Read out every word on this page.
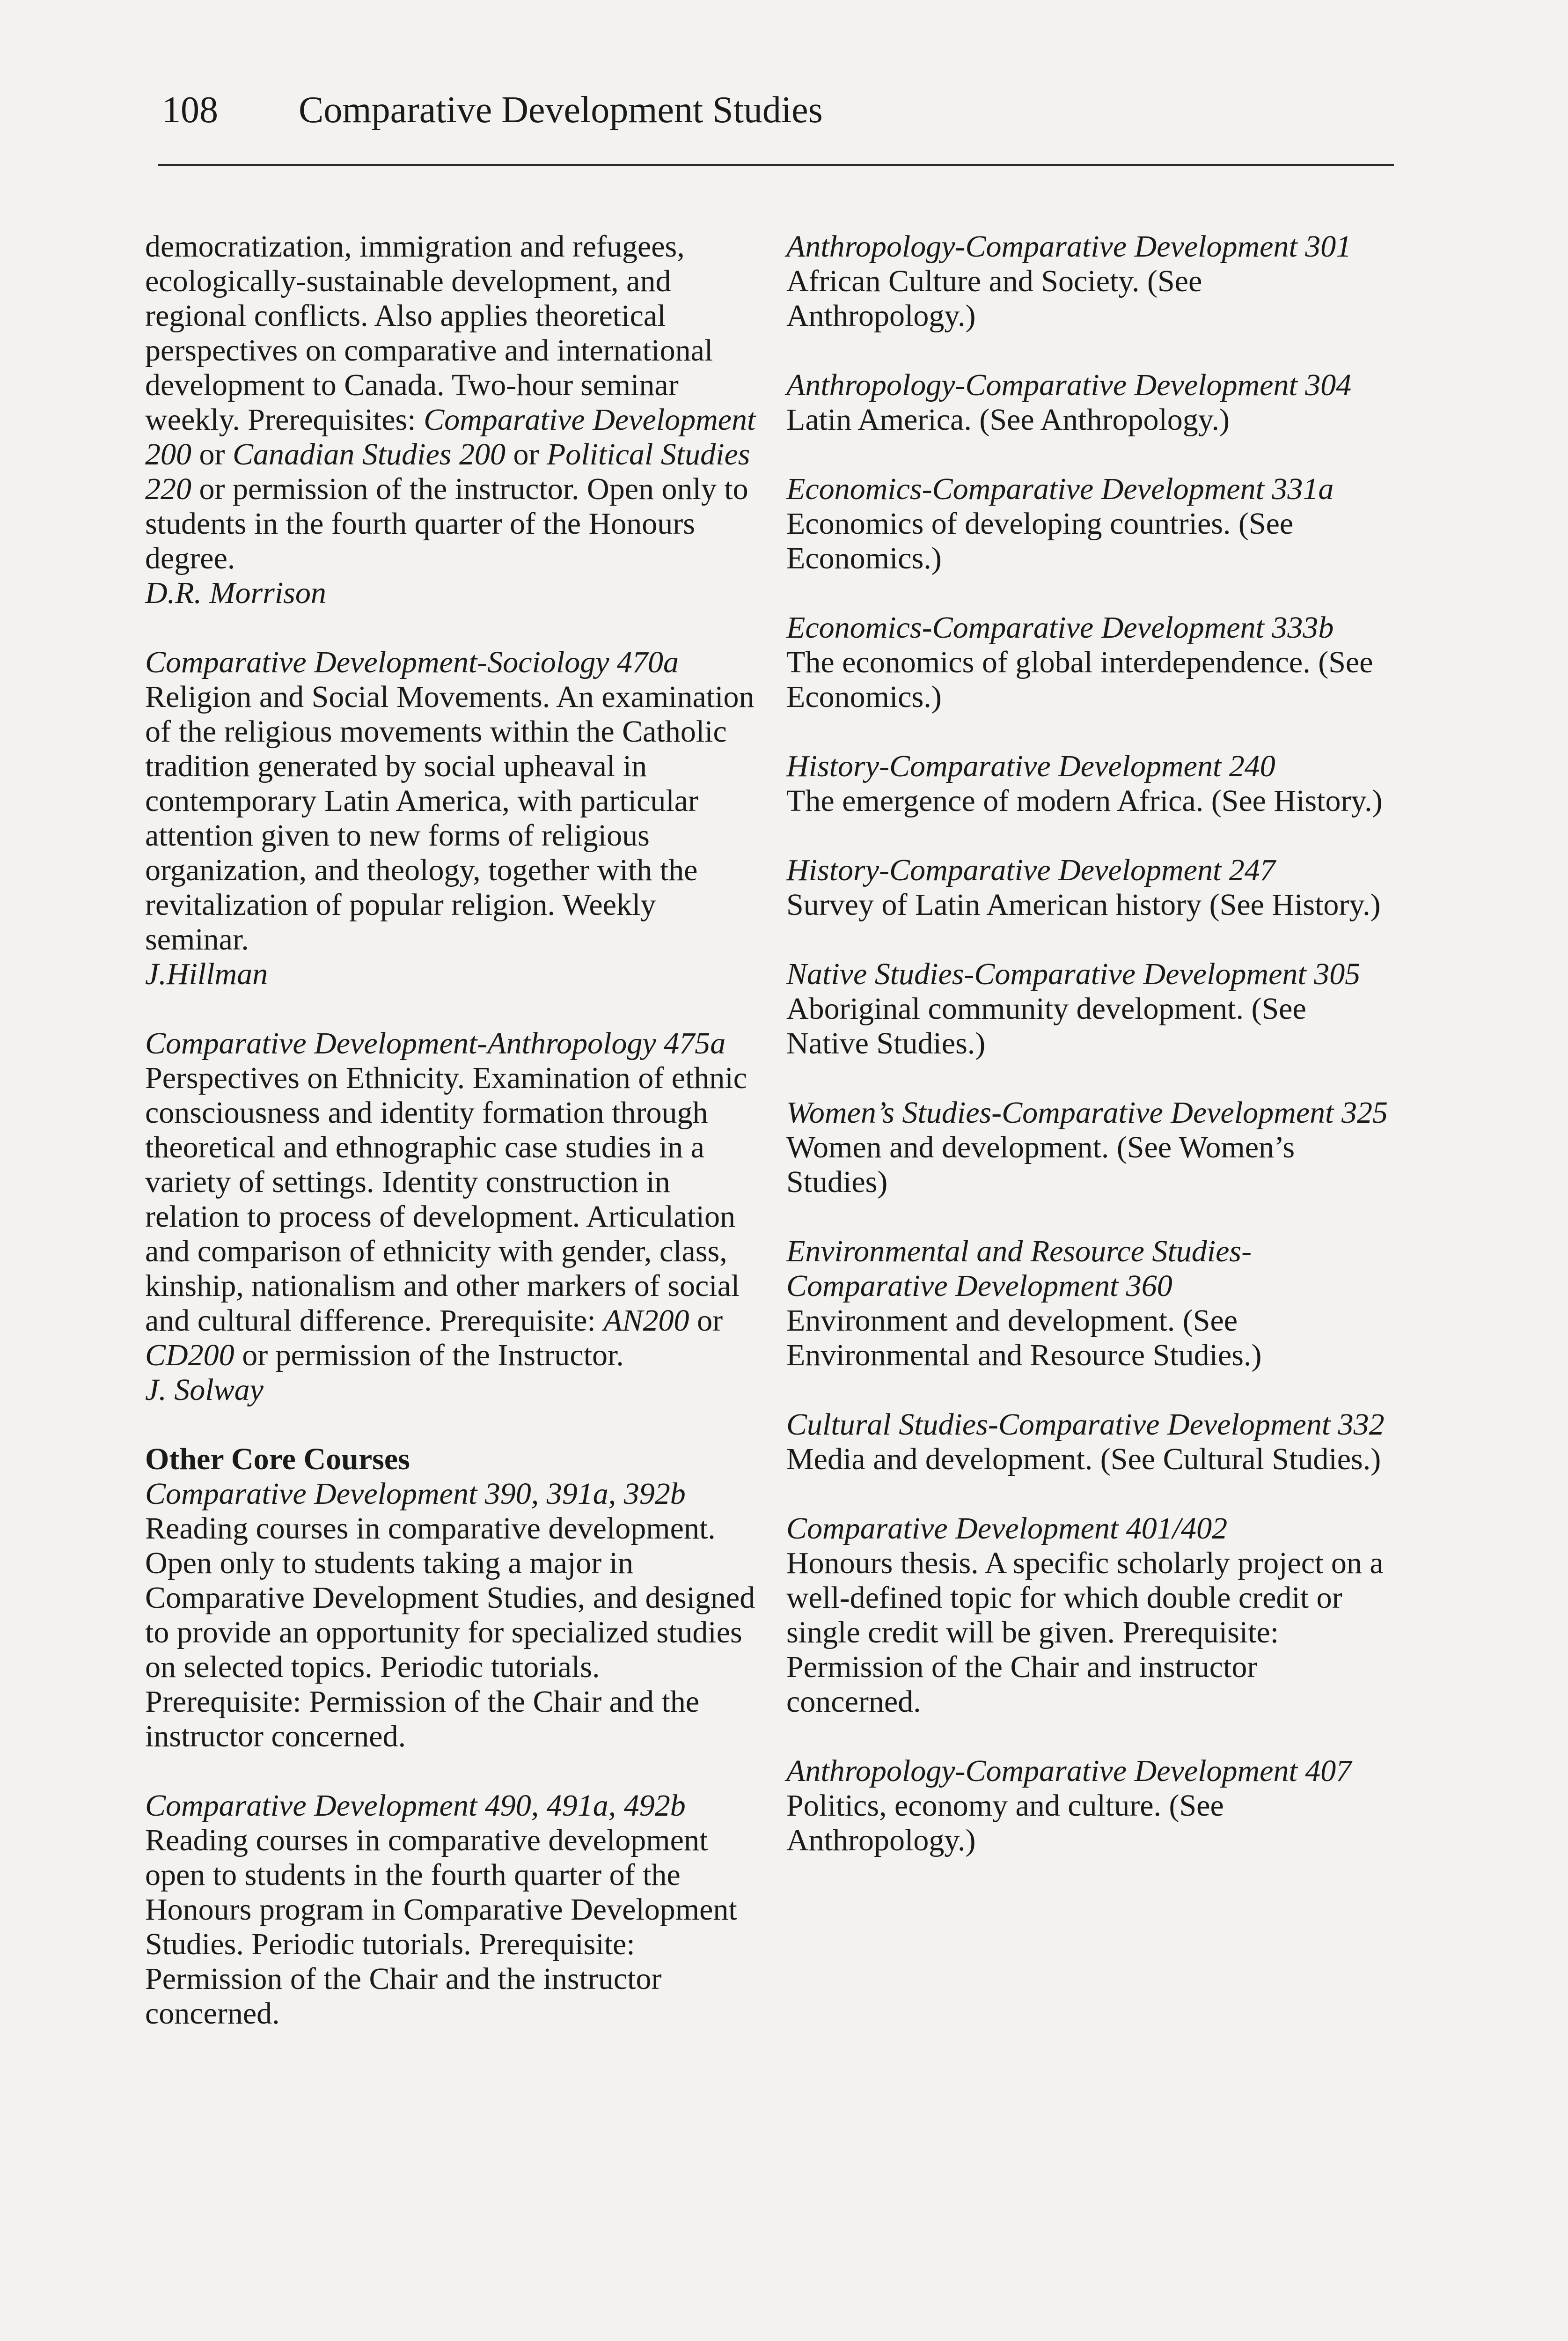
108 Comparative Development Studies
democratization, immigration and refugees, ecologically-sustainable development, and regional conflicts. Also applies theoretical perspectives on comparative and international development to Canada. Two-hour seminar weekly. Prerequisites: Comparative Development 200 or Canadian Studies 200 or Political Studies 220 or permission of the instructor. Open only to students in the fourth quarter of the Honours degree.
D.R. Morrison
Comparative Development-Sociology 470a
Religion and Social Movements. An examination of the religious movements within the Catholic tradition generated by social upheaval in contemporary Latin America, with particular attention given to new forms of religious organization, and theology, together with the revitalization of popular religion. Weekly seminar.
J.Hillman
Comparative Development-Anthropology 475a
Perspectives on Ethnicity. Examination of ethnic consciousness and identity formation through theoretical and ethnographic case studies in a variety of settings. Identity construction in relation to process of development. Articulation and comparison of ethnicity with gender, class, kinship, nationalism and other markers of social and cultural difference. Prerequisite: AN200 or CD200 or permission of the Instructor.
J. Solway
Other Core Courses
Comparative Development 390, 391a, 392b
Reading courses in comparative development. Open only to students taking a major in Comparative Development Studies, and designed to provide an opportunity for specialized studies on selected topics. Periodic tutorials. Prerequisite: Permission of the Chair and the instructor concerned.
Comparative Development 490, 491a, 492b
Reading courses in comparative development open to students in the fourth quarter of the Honours program in Comparative Development Studies. Periodic tutorials. Prerequisite: Permission of the Chair and the instructor concerned.
Anthropology-Comparative Development 301
African Culture and Society. (See Anthropology.)
Anthropology-Comparative Development 304
Latin America. (See Anthropology.)
Economics-Comparative Development 331a
Economics of developing countries. (See Economics.)
Economics-Comparative Development 333b
The economics of global interdependence. (See Economics.)
History-Comparative Development 240
The emergence of modern Africa. (See History.)
History-Comparative Development 247
Survey of Latin American history (See History.)
Native Studies-Comparative Development 305
Aboriginal community development. (See Native Studies.)
Women’s Studies-Comparative Development 325
Women and development. (See Women’s Studies)
Environmental and Resource Studies-Comparative Development 360
Environment and development. (See Environmental and Resource Studies.)
Cultural Studies-Comparative Development 332
Media and development. (See Cultural Studies.)
Comparative Development 401/402
Honours thesis. A specific scholarly project on a well-defined topic for which double credit or single credit will be given. Prerequisite: Permission of the Chair and instructor concerned.
Anthropology-Comparative Development 407
Politics, economy and culture. (See Anthropology.)
